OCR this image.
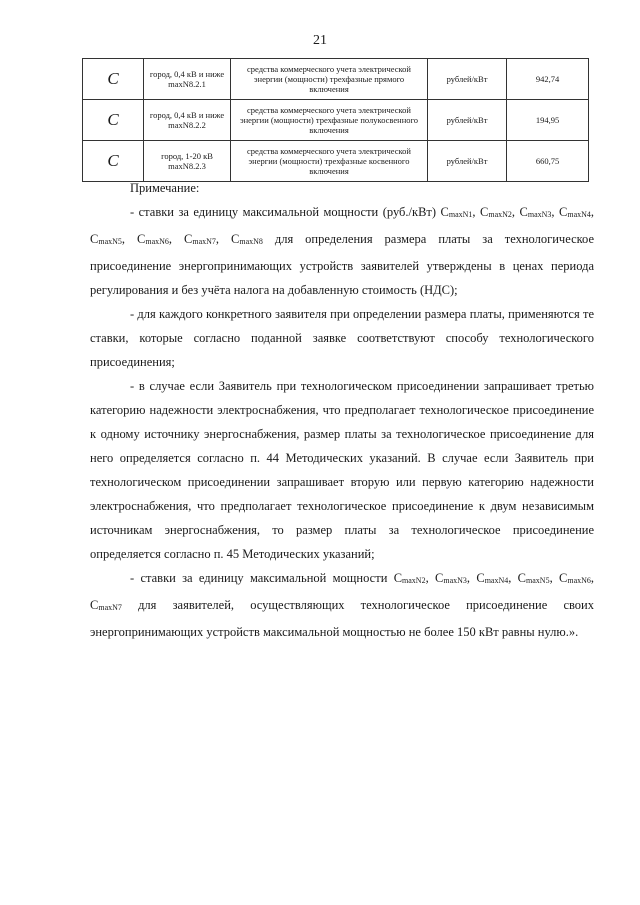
21
C	город, 0,4 кВ и ниже maxN8.2.1	средства коммерческого учета электрической энергии (мощности) трехфазные прямого включения	рублей/кВт	942,74
C	город, 0,4 кВ и ниже maxN8.2.2	средства коммерческого учета электрической энергии (мощности) трехфазные полукосвенного включения	рублей/кВт	194,95
C	город, 1-20 кВ maxN8.2.3	средства коммерческого учета электрической энергии (мощности) трехфазные косвенного включения	рублей/кВт	660,75

Примечание:

- ставки за единицу максимальной мощности (руб./кВт) CmaxN1, CmaxN2, CmaxN3, CmaxN4, CmaxN5, CmaxN6, CmaxN7, CmaxN8 для определения размера платы за технологическое присоединение энергопринимающих устройств заявителей утверждены в ценах периода регулирования и без учёта налога на добавленную стоимость (НДС);

- для каждого конкретного заявителя при определении размера платы, применяются те ставки, которые согласно поданной заявке соответствуют способу технологического присоединения;

- в случае если Заявитель при технологическом присоединении запрашивает третью категорию надежности электроснабжения, что предполагает технологическое присоединение к одному источнику энергоснабжения, размер платы за технологическое присоединение для него определяется согласно п. 44 Методических указаний. В случае если Заявитель при технологическом присоединении запрашивает вторую или первую категорию надежности электроснабжения, что предполагает технологическое присоединение к двум независимым источникам энергоснабжения, то размер платы за технологическое присоединение определяется согласно п. 45 Методических указаний;

- ставки за единицу максимальной мощности CmaxN2, CmaxN3, CmaxN4, CmaxN5, CmaxN6, CmaxN7 для заявителей, осуществляющих технологическое присоединение своих энергопринимающих устройств максимальной мощностью не более 150 кВт равны нулю.».
